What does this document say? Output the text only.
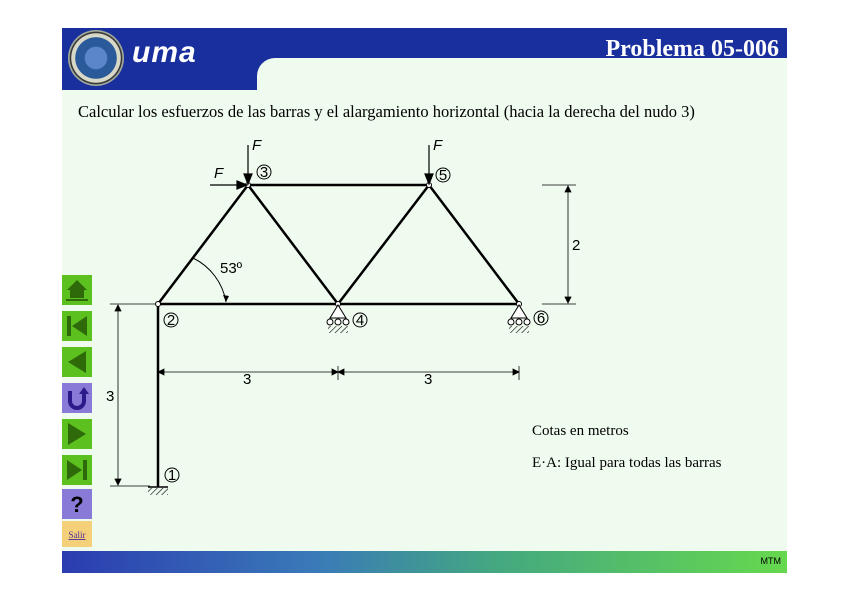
uma	Problema 05-006
Calcular los esfuerzos de las barras y el alargamiento horizontal (hacia la derecha del nudo 3)
?
Salir
Cotas en metros
E·A: Igual para todas las barras
MTM
F	F
F
2
3
4
5
6
1
53º
2
3
3	3
